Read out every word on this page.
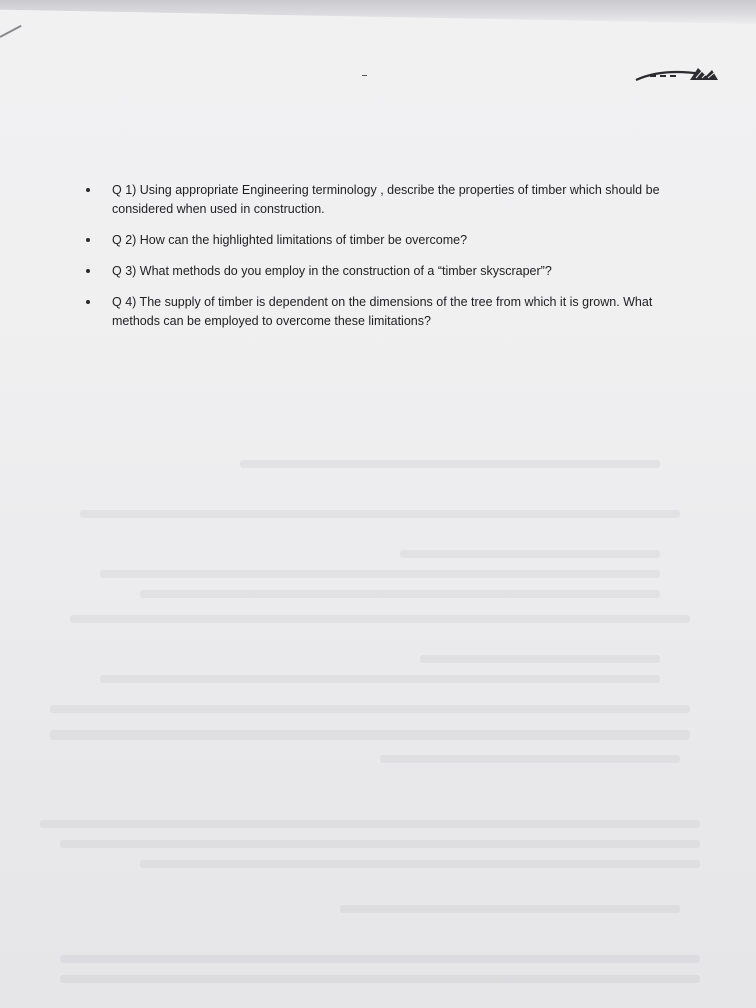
Q 1) Using appropriate Engineering terminology , describe the properties of timber which should be considered when used in construction.
Q 2) How can the highlighted limitations of timber be overcome?
Q 3) What methods do you employ in the construction of a “timber skyscraper”?
Q 4) The supply of timber is dependent on the dimensions of the tree from which it is grown. What methods can be employed to overcome these limitations?
